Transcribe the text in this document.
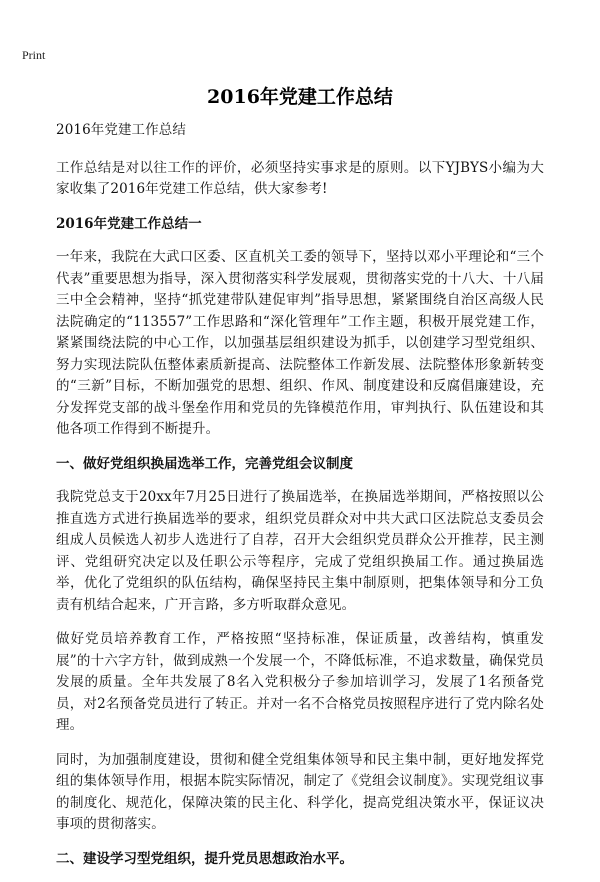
Print
2016年党建工作总结

2016年党建工作总结

工作总结是对以往工作的评价，必须坚持实事求是的原则。以下YJBYS小编为大家收集了2016年党建工作总结，供大家参考!

2016年党建工作总结一

一年来，我院在大武口区委、区直机关工委的领导下，坚持以邓小平理论和“三个代表”重要思想为指导，深入贯彻落实科学发展观，贯彻落实党的十八大、十八届三中全会精神，坚持“抓党建带队建促审判”指导思想，紧紧围绕自治区高级人民法院确定的“113557”工作思路和“深化管理年”工作主题，积极开展党建工作，紧紧围绕法院的中心工作，以加强基层组织建设为抓手，以创建学习型党组织、努力实现法院队伍整体素质新提高、法院整体工作新发展、法院整体形象新转变的“三新”目标，不断加强党的思想、组织、作风、制度建设和反腐倡廉建设，充分发挥党支部的战斗堡垒作用和党员的先锋模范作用，审判执行、队伍建设和其他各项工作得到不断提升。

一、做好党组织换届选举工作，完善党组会议制度

我院党总支于20xx年7月25日进行了换届选举，在换届选举期间，严格按照以公推直选方式进行换届选举的要求，组织党员群众对中共大武口区法院总支委员会组成人员候选人初步人选进行了自荐，召开大会组织党员群众公开推荐，民主测评、党组研究决定以及任职公示等程序，完成了党组织换届工作。通过换届选举，优化了党组织的队伍结构，确保坚持民主集中制原则，把集体领导和分工负责有机结合起来，广开言路，多方听取群众意见。

做好党员培养教育工作，严格按照“坚持标准，保证质量，改善结构，慎重发展”的十六字方针，做到成熟一个发展一个，不降低标准，不追求数量，确保党员发展的质量。全年共发展了8名入党积极分子参加培训学习，发展了1名预备党员，对2名预备党员进行了转正。并对一名不合格党员按照程序进行了党内除名处理。

同时，为加强制度建设，贯彻和健全党组集体领导和民主集中制，更好地发挥党组的集体领导作用，根据本院实际情况，制定了《党组会议制度》。实现党组议事的制度化、规范化，保障决策的民主化、科学化，提高党组决策水平，保证议决事项的贯彻落实。

二、建设学习型党组织，提升党员思想政治水平。
